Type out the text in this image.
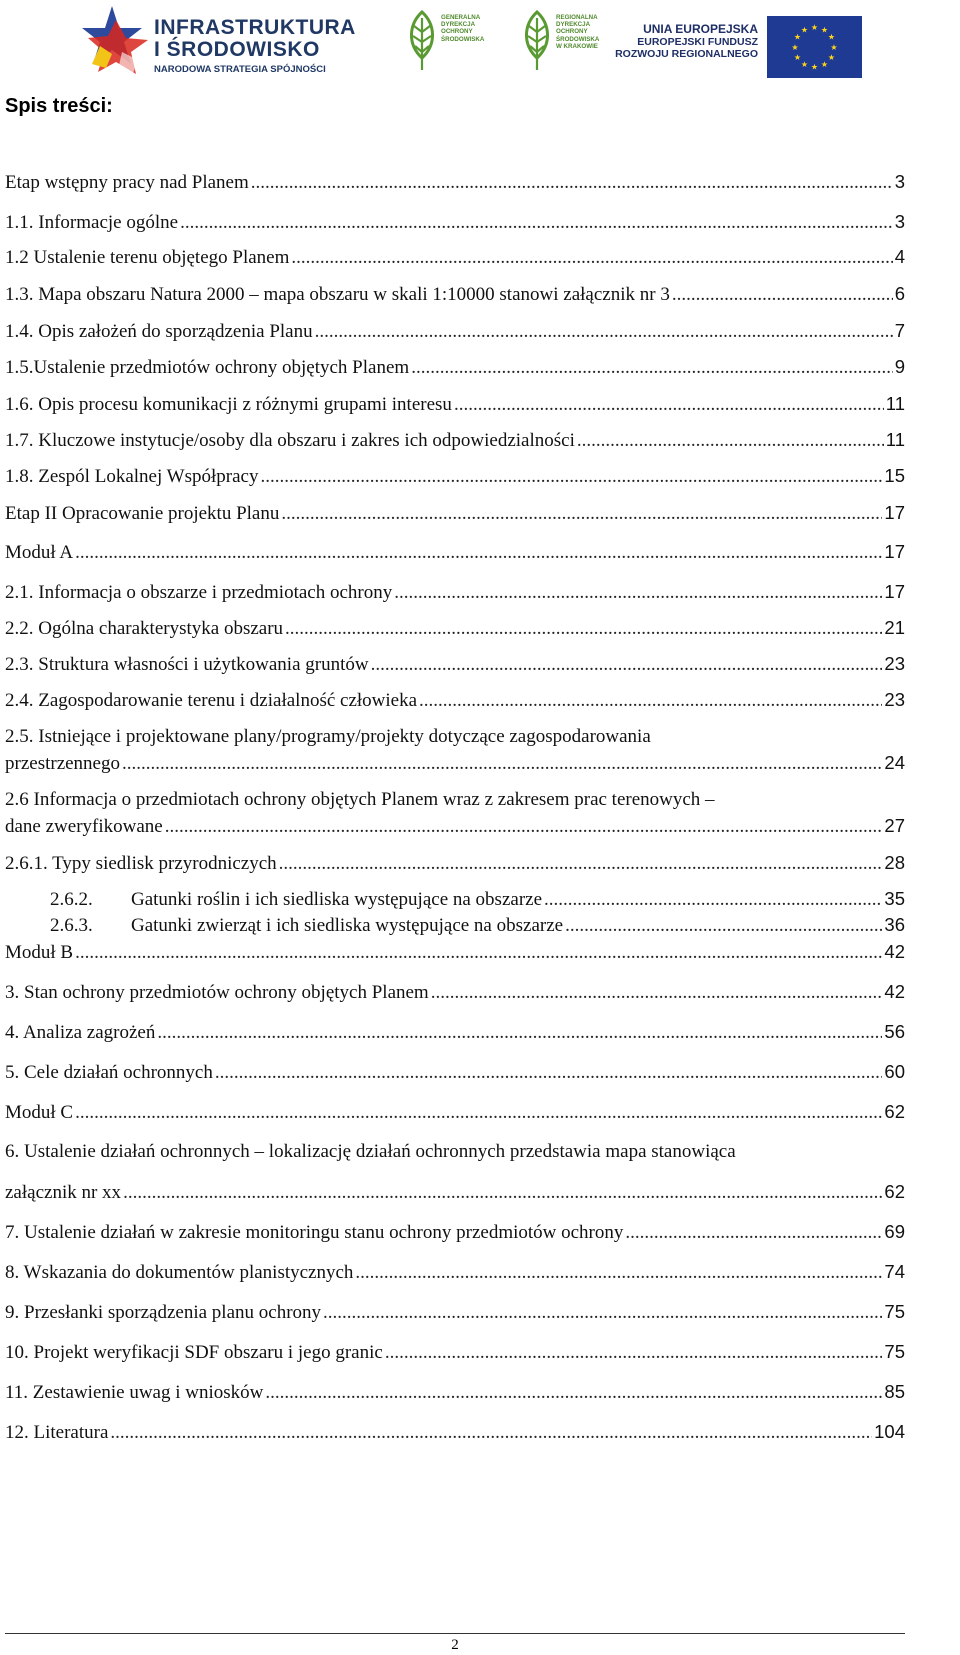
INFRASTRUKTURA
I ŚRODOWISKO
NARODOWA STRATEGIA SPÓJNOŚCI
GENERALNA
DYREKCJA
OCHRONY
ŚRODOWISKA
REGIONALNA
DYREKCJA
OCHRONY
ŚRODOWISKA
W KRAKOWIE
UNIA EUROPEJSKA
EUROPEJSKI FUNDUSZ
ROZWOJU REGIONALNEGO
★ ★
★
★
★
★
★
★
★
★
★
★
Spis treści:
Etap wstępny pracy nad Planem .....	3
1.1. Informacje ogólne .....	3
1.2 Ustalenie terenu objętego Planem .....	4
1.3. Mapa obszaru Natura 2000 – mapa obszaru w skali 1:10000 stanowi załącznik nr 3 .....	6
1.4. Opis założeń do sporządzenia Planu .....	7
1.5.Ustalenie przedmiotów ochrony objętych Planem .....	9
1.6. Opis procesu komunikacji z różnymi grupami interesu .....	11
1.7. Kluczowe instytucje/osoby dla obszaru i zakres ich odpowiedzialności .....	11
1.8. Zespól Lokalnej Współpracy .....	15
Etap II Opracowanie projektu Planu .....	17
Moduł A .....	17
2.1. Informacja o obszarze i przedmiotach ochrony .....	17
2.2. Ogólna charakterystyka obszaru .....	21
2.3. Struktura własności i użytkowania gruntów .....	23
2.4. Zagospodarowanie terenu i działalność człowieka .....	23
2.5. Istniejące i projektowane plany/programy/projekty dotyczące zagospodarowania
przestrzennego .....	24
2.6 Informacja o przedmiotach ochrony objętych Planem wraz z zakresem prac terenowych –
dane zweryfikowane .....	27
2.6.1. Typy siedlisk przyrodniczych .....	28
2.6.2. Gatunki roślin i ich siedliska występujące na obszarze .....	35
2.6.3. Gatunki zwierząt i ich siedliska występujące na obszarze .....	36
Moduł B .....	42
3. Stan ochrony przedmiotów ochrony objętych Planem .....	42
4. Analiza zagrożeń .....	56
5. Cele działań ochronnych .....	60
Moduł C .....	62
6. Ustalenie działań ochronnych – lokalizację działań ochronnych przedstawia mapa stanowiąca
załącznik nr xx .....	62
7. Ustalenie działań w zakresie monitoringu stanu ochrony przedmiotów ochrony .....	69
8. Wskazania do dokumentów planistycznych .....	74
9. Przesłanki sporządzenia planu ochrony .....	75
10. Projekt weryfikacji SDF obszaru i jego granic .....	75
11. Zestawienie uwag i wniosków .....	85
12. Literatura .....	104
2
